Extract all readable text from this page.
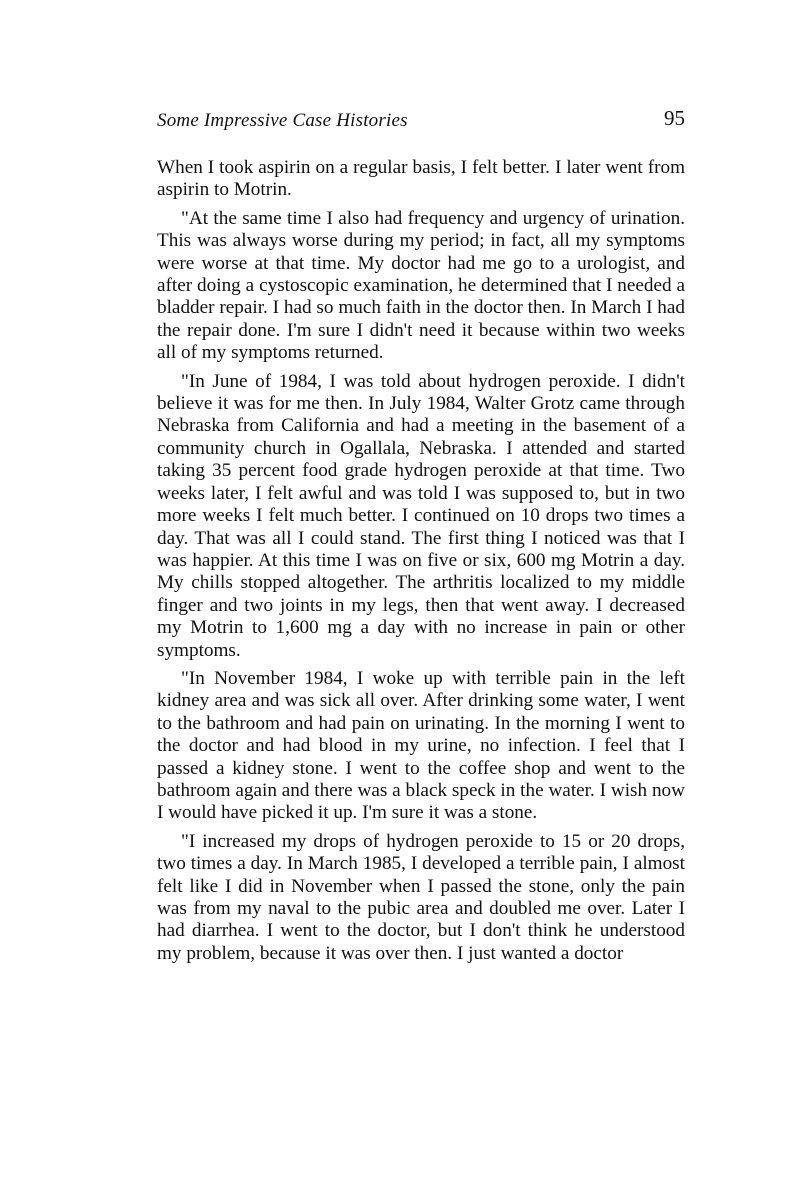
Some Impressive Case Histories	95

When I took aspirin on a regular basis, I felt better. I later went from aspirin to Motrin.

"At the same time I also had frequency and urgency of urination. This was always worse during my period; in fact, all my symptoms were worse at that time. My doctor had me go to a urologist, and after doing a cystoscopic examination, he determined that I needed a bladder repair. I had so much faith in the doctor then. In March I had the repair done. I'm sure I didn't need it because within two weeks all of my symptoms returned.

"In June of 1984, I was told about hydrogen peroxide. I didn't believe it was for me then. In July 1984, Walter Grotz came through Nebraska from California and had a meeting in the basement of a community church in Ogallala, Nebraska. I attended and started taking 35 percent food grade hydrogen peroxide at that time. Two weeks later, I felt awful and was told I was supposed to, but in two more weeks I felt much better. I continued on 10 drops two times a day. That was all I could stand. The first thing I noticed was that I was happier. At this time I was on five or six, 600 mg Motrin a day. My chills stopped altogether. The arthritis localized to my middle finger and two joints in my legs, then that went away. I decreased my Motrin to 1,600 mg a day with no increase in pain or other symptoms.

"In November 1984, I woke up with terrible pain in the left kidney area and was sick all over. After drinking some water, I went to the bathroom and had pain on urinating. In the morning I went to the doctor and had blood in my urine, no infection. I feel that I passed a kidney stone. I went to the coffee shop and went to the bathroom again and there was a black speck in the water. I wish now I would have picked it up. I'm sure it was a stone.

"I increased my drops of hydrogen peroxide to 15 or 20 drops, two times a day. In March 1985, I developed a terrible pain, I almost felt like I did in November when I passed the stone, only the pain was from my naval to the pubic area and doubled me over. Later I had diarrhea. I went to the doctor, but I don't think he understood my problem, because it was over then. I just wanted a doctor
